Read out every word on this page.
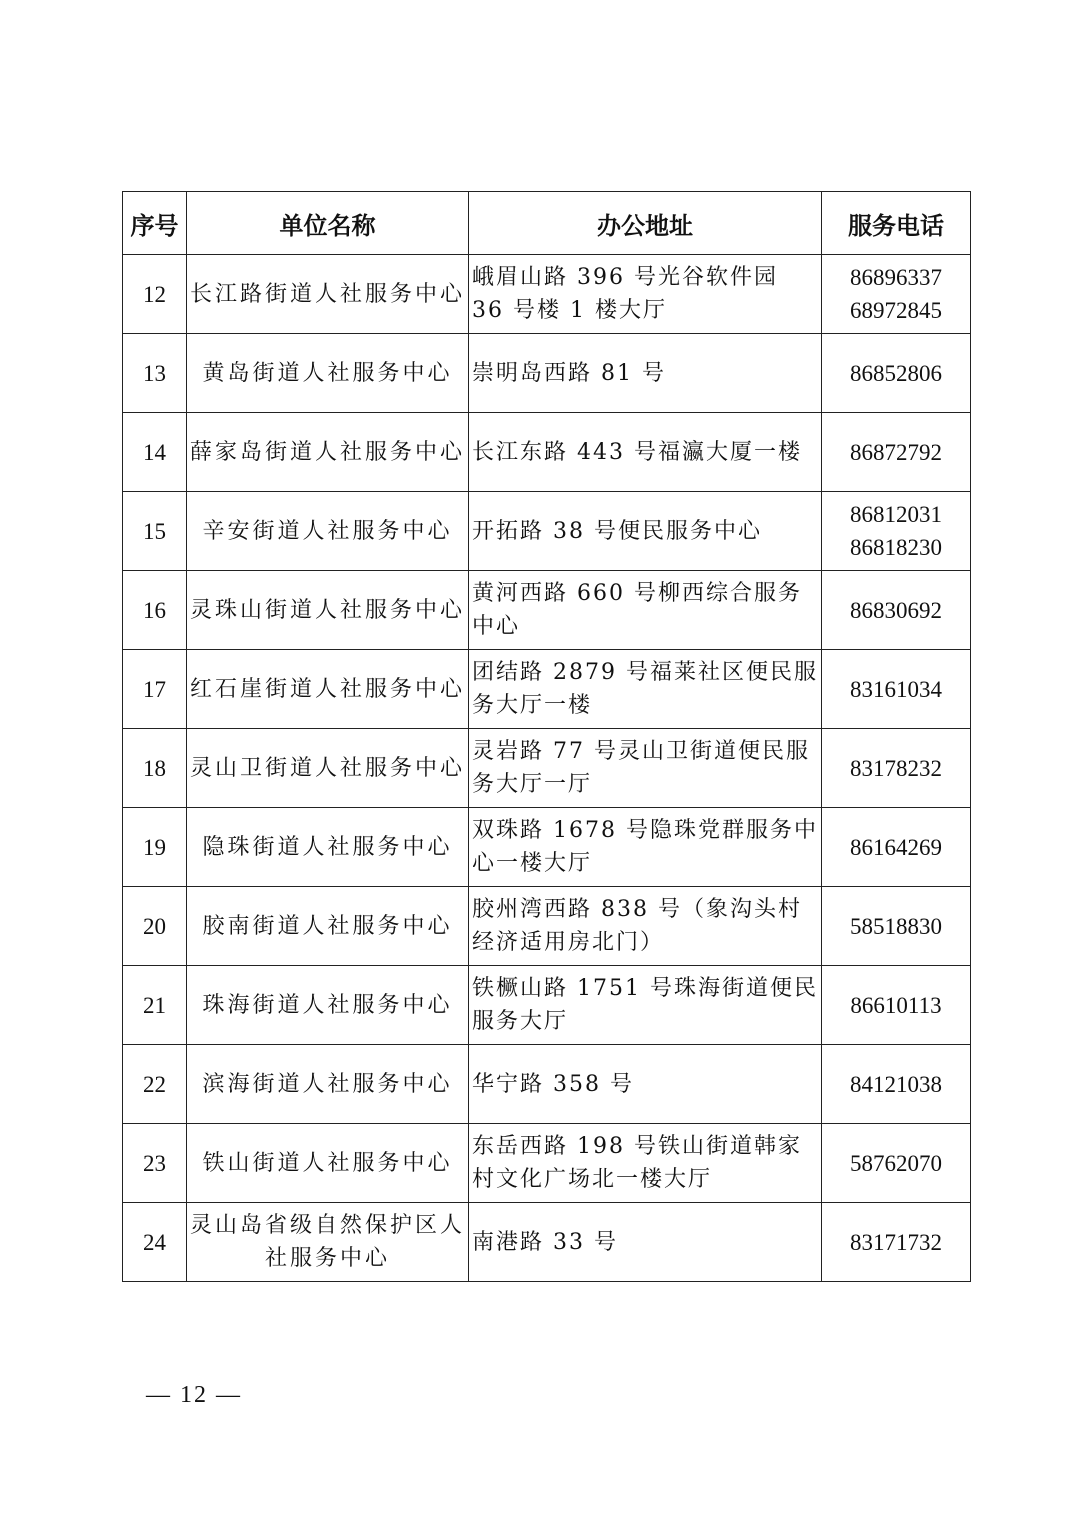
序号	单位名称	办公地址	服务电话
12	长江路街道人社服务中心	峨眉山路 396 号光谷软件园 36 号楼 1 楼大厅	86896337
68972845

13	黄岛街道人社服务中心	崇明岛西路 81 号	86852806

14	薛家岛街道人社服务中心	长江东路 443 号福瀛大厦一楼	86872792

15	辛安街道人社服务中心	开拓路 38 号便民服务中心	86812031
86818230

16	灵珠山街道人社服务中心	黄河西路 660 号柳西综合服务中心	86830692

17	红石崖街道人社服务中心	团结路 2879 号福莱社区便民服务大厅一楼	83161034

18	灵山卫街道人社服务中心	灵岩路 77 号灵山卫街道便民服务大厅一厅	83178232

19	隐珠街道人社服务中心	双珠路 1678 号隐珠党群服务中心一楼大厅	86164269

20	胶南街道人社服务中心	胶州湾西路 838 号（象沟头村经济适用房北门）	58518830

21	珠海街道人社服务中心	铁橛山路 1751 号珠海街道便民服务大厅	86610113

22	滨海街道人社服务中心	华宁路 358 号	84121038

23	铁山街道人社服务中心	东岳西路 198 号铁山街道韩家村文化广场北一楼大厅	58762070

24	灵山岛省级自然保护区人社服务中心	南港路 33 号	83171732
— 12 —
